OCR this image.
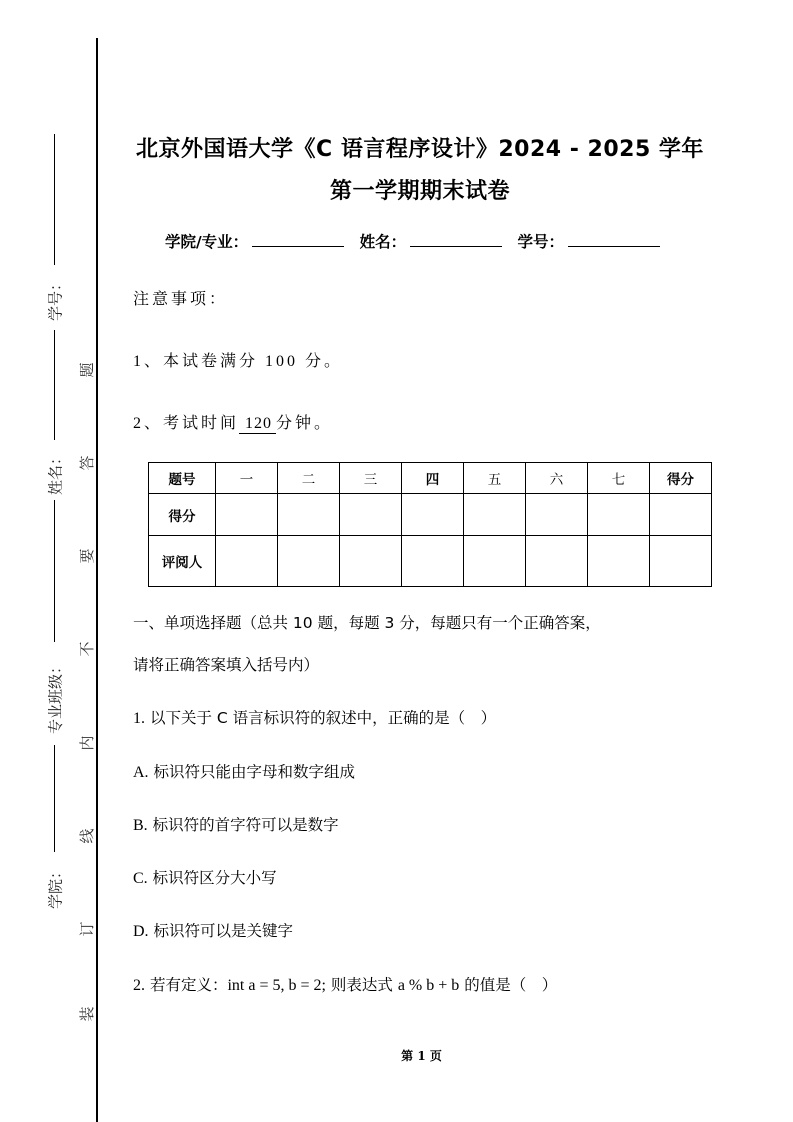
学号：
姓名：
专业班级：
学院：
题
答
要
不
内
线
订
装
北京外国语大学《C 语言程序设计》2024 - 2025 学年
第一学期期末试卷
学院/专业：	姓名：	学号：
注意事项：
1、本试卷满分 100 分。
2、考试时间 120 分钟。
题号	一	二	三	四	五	六	七	得分
得分								
评阅人								
一、单项选择题（总共 10 题，每题 3 分，每题只有一个正确答案，
请将正确答案填入括号内）
1. 以下关于 C 语言标识符的叙述中，正确的是（　）
A. 标识符只能由字母和数字组成
B. 标识符的首字符可以是数字
C. 标识符区分大小写
D. 标识符可以是关键字
2. 若有定义：int a = 5, b = 2; 则表达式 a % b + b 的值是（　）
第 1 页
